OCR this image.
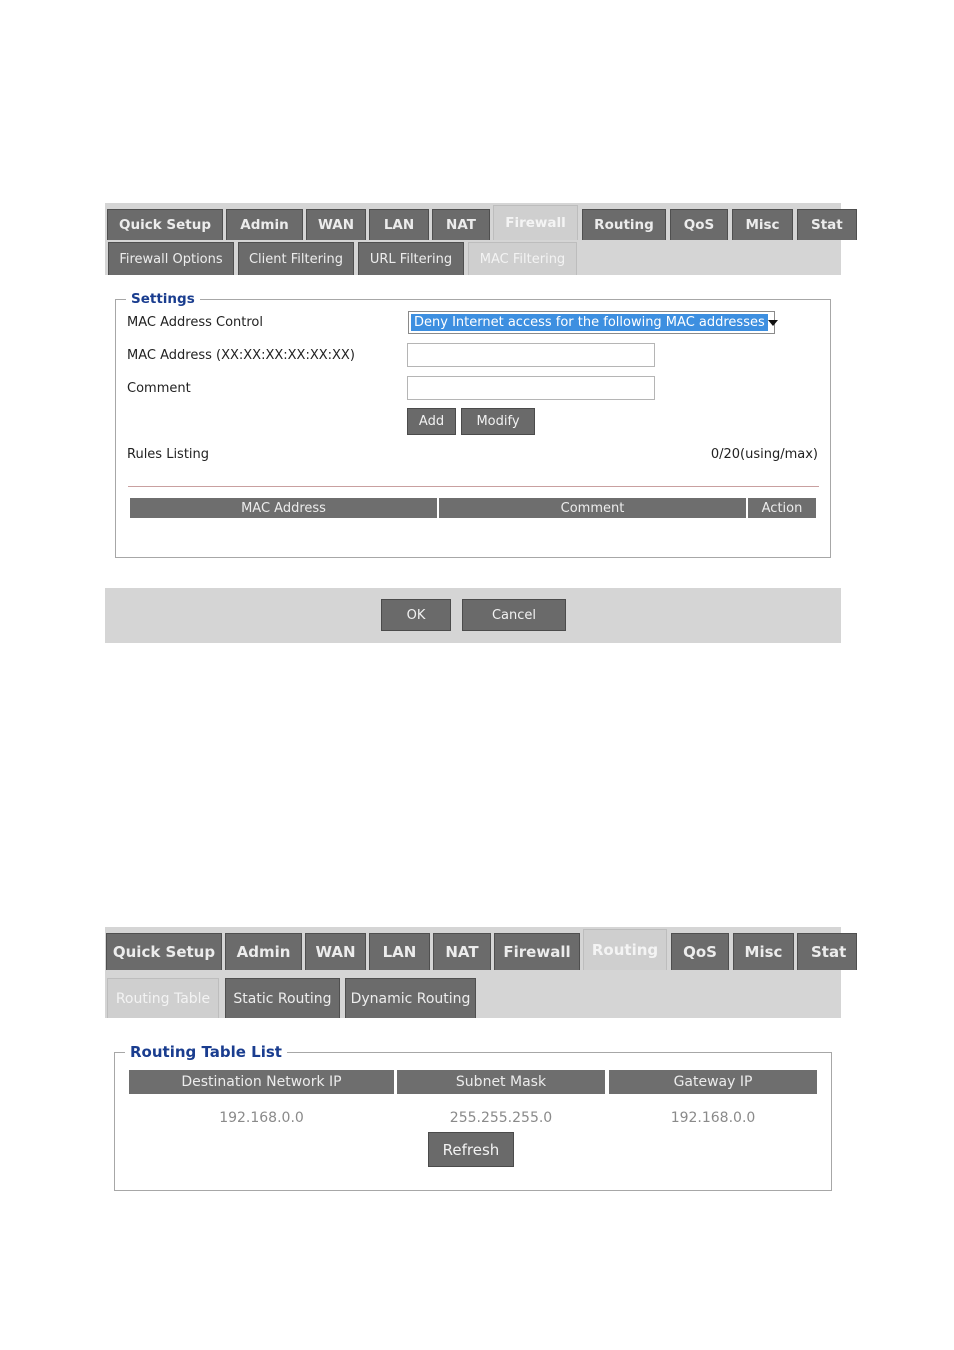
Quick Setup Admin WAN LAN NAT Firewall Routing QoS Misc Stat
Firewall Options Client Filtering URL Filtering MAC Filtering
Settings
MAC Address Control	Deny Internet access for the following MAC addresses
MAC Address (XX:XX:XX:XX:XX:XX)
Comment
Add	Modify
Rules Listing	0/20(using/max)
MAC Address	Comment	Action
OK	Cancel
Quick Setup Admin WAN LAN NAT Firewall Routing QoS Misc Stat
Routing Table Static Routing Dynamic Routing
Routing Table List
Destination Network IP	Subnet Mask	Gateway IP
192.168.0.0	255.255.255.0	192.168.0.0
Refresh
